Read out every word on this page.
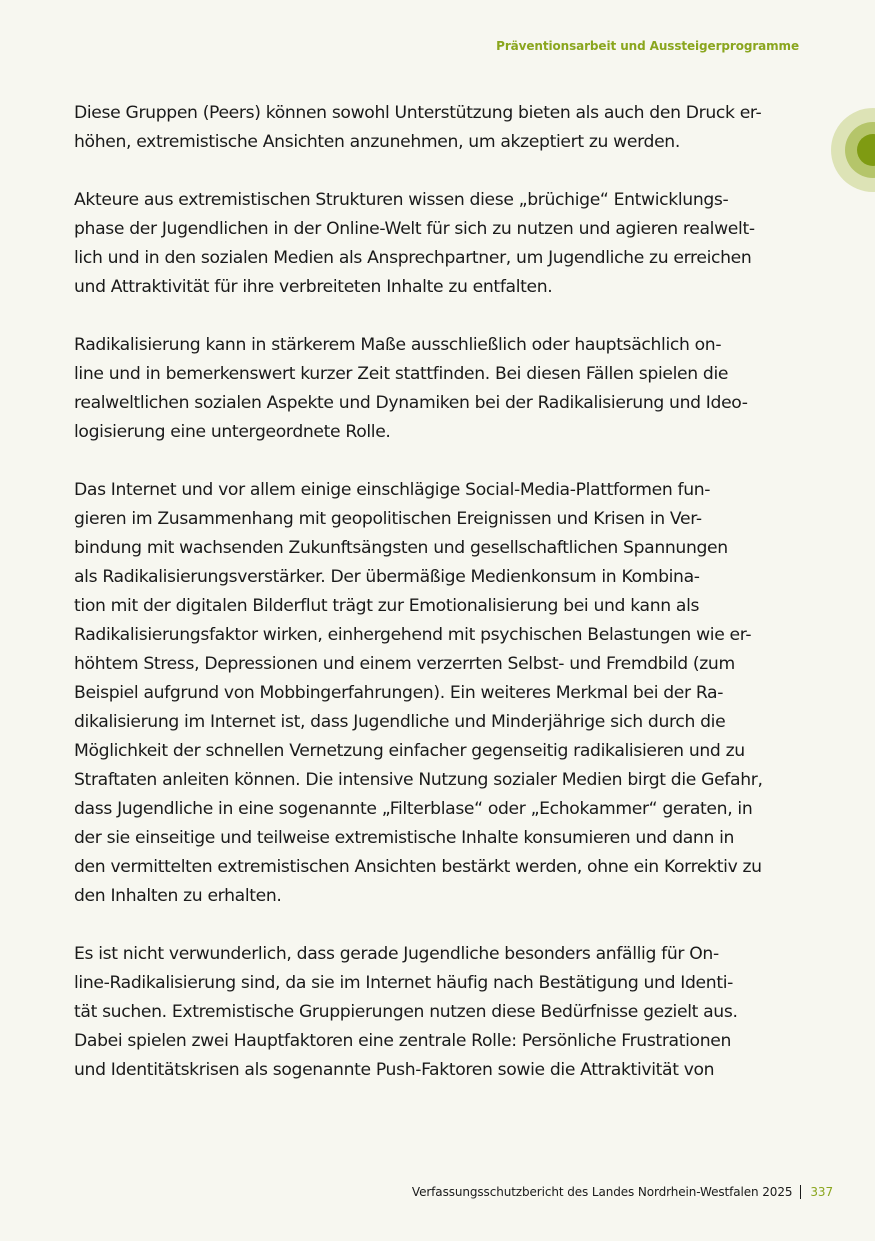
Präventionsarbeit und Aussteigerprogramme

Diese Gruppen (Peers) können sowohl Unterstützung bieten als auch den Druck er-
höhen, extremistische Ansichten anzunehmen, um akzeptiert zu werden.

Akteure aus extremistischen Strukturen wissen diese „brüchige“ Entwicklungs-
phase der Jugendlichen in der Online-Welt für sich zu nutzen und agieren realwelt-
lich und in den sozialen Medien als Ansprechpartner, um Jugendliche zu erreichen
und Attraktivität für ihre verbreiteten Inhalte zu entfalten.

Radikalisierung kann in stärkerem Maße ausschließlich oder hauptsächlich on-
line und in bemerkenswert kurzer Zeit stattfinden. Bei diesen Fällen spielen die
realweltlichen sozialen Aspekte und Dynamiken bei der Radikalisierung und Ideo-
logisierung eine untergeordnete Rolle.

Das Internet und vor allem einige einschlägige Social-Media-Plattformen fun-
gieren im Zusammenhang mit geopolitischen Ereignissen und Krisen in Ver-
bindung mit wachsenden Zukunftsängsten und gesellschaftlichen Spannungen
als Radikalisierungsverstärker. Der übermäßige Medienkonsum in Kombina-
tion mit der digitalen Bilderflut trägt zur Emotionalisierung bei und kann als
Radikalisierungsfaktor wirken, einhergehend mit psychischen Belastungen wie er-
höhtem Stress, Depressionen und einem verzerrten Selbst- und Fremdbild (zum
Beispiel aufgrund von Mobbingerfahrungen). Ein weiteres Merkmal bei der Ra-
dikalisierung im Internet ist, dass Jugendliche und Minderjährige sich durch die
Möglichkeit der schnellen Vernetzung einfacher gegenseitig radikalisieren und zu
Straftaten anleiten können. Die intensive Nutzung sozialer Medien birgt die Gefahr,
dass Jugendliche in eine sogenannte „Filterblase“ oder „Echokammer“ geraten, in
der sie einseitige und teilweise extremistische Inhalte konsumieren und dann in
den vermittelten extremistischen Ansichten bestärkt werden, ohne ein Korrektiv zu
den Inhalten zu erhalten.

Es ist nicht verwunderlich, dass gerade Jugendliche besonders anfällig für On-
line-Radikalisierung sind, da sie im Internet häufig nach Bestätigung und Identi-
tät suchen. Extremistische Gruppierungen nutzen diese Bedürfnisse gezielt aus.
Dabei spielen zwei Hauptfaktoren eine zentrale Rolle: Persönliche Frustrationen
und Identitätskrisen als sogenannte Push-Faktoren sowie die Attraktivität von

Verfassungsschutzbericht des Landes Nordrhein-Westfalen 2025 337
